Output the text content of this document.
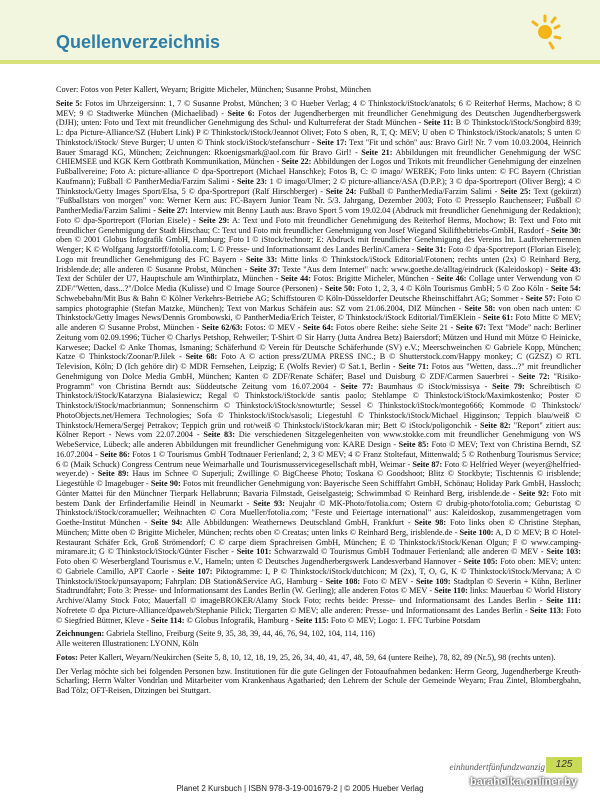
Quellenverzeichnis

Cover: Fotos von Peter Kallert, Weyarn; Brigitte Micheler, München; Susanne Probst, München

Seite 5: Fotos im Uhrzeigersinn: 1, 7 © Susanne Probst, München; 3 © Hueber Verlag; 4 © Thinkstock/iStock/anatols; 6 © Reiterhof Herms, Machow; 8 © MEV; 9 © Stadtwerke München (Michaelibad) - Seite 6: Fotos der Jugendherbergen mit freundlicher Genehmigung des Deutschen Jugendherbergswerk (DJH); unten: Foto und Text mit freundlicher Genehmigung des Schul- und Kulturreferat der Stadt München - Seite 11: B © Thinkstock/iStock/Songbird 839; L: dpa Picture-Alliance/SZ (Hubert Link) P © Thinkstock/iStock/Jeannot Olivet; Foto S oben, R, T, Q: MEV; U oben © Thinkstock/iStock/anatols; S unten © Thinkstock/iStock/ Steve Burger; U unten © Think stock/iStock/stefanschurr - Seite 17: Text "Fit und schön" aus: Bravo Girl! Nr. 7 vom 10.03.2004, Heinrich Bauer Smaragd KG, München; Zeichnungen: Rkoenigsmark@aol.com für Bravo Girl! - Seite 21: Abbildungen mit freundlicher Genehmigung der WSC CHIEMSEE und KGK Kern Gottbrath Kommunikation, München - Seite 22: Abbildungen der Logos und Trikots mit freundlicher Genehmigung der einzelnen Fußballvereine; Foto A: picture-alliance © dpa-Sportreport (Michael Hanschke); Fotos B, C: © imago/ WEREK; Foto links unten: © FC Bayern (Christian Kaufmann); Fußball © PantherMedia/Farzim Salimi - Seite 23: 1 © imago/Ulmer; 2 © picture-alliance/ASA (D.P.P.); 3 © dpa-Sportreport (Oliver Berg); 4 © Thinkstock/Getty Images Sport/Elsa, 5 © dpa-Sportreport (Ralf Hirschberger) - Seite 24: Fußball © PantherMedia/Farzim Salimi - Seite 25: Text (gekürzt) "Fußballstars von morgen" von: Werner Kern aus: FC-Bayern Junior Team Nr. 5/3. Jahrgang, Dezember 2003; Foto © Presseplo Rauchenseer; Fußball © PantherMedia/Farzim Salimi - Seite 27: Interview mit Benny Lauth aus: Bravo Sport 5 vom 19.02.04 (Abdruck mit freundlicher Genehmigung der Redaktion); Foto © dpa-Sportreport (Florian Eisele) - Seite 29: A: Text und Foto mit freundlicher Genehmigung des Reiterhof Herms, Mochow; B: Text und Foto mit freundlicher Genehmigung der Stadt Hirschau; C: Text und Foto mit freundlicher Genehmigung von Josef Wiegand Skilifthebtriebs-GmbH, Rasdorf - Seite 30: oben © 2001 Globus Infografik GmbH, Hamburg; Foto I © iStock/technotr; E: Abdruck mit freundlicher Genehmigung des Vereins Int. Lauftveherrnennen Wenger; K © Wolfgang Jargstorff/fotolia.com; L © Presse- und Informationsamt des Landes Berlin/Camera - Seite 31: Foto © dpa-Sportreport (Florian Eisele); Logo mit freundlicher Genehmigung des FC Bayern - Seite 33: Mitte links © Thinkstock/iStock Editorial/Fotonen; rechts unten (2x) © Reinhard Berg, Irisblende.de; alle anderen © Susanne Probst, München - Seite 37: Texte "Aus dem Internet" nach: www.goethe.de/alltag/eindruck (Kaleidoskop) - Seite 43: Text der Schüler der U7, Hauptschule am Winthirplatz, München - Seite 44: Fotos: Brigitte Micheler, München - Seite 46: Collage unter Verwendung von © ZDF/"Wetten, dass...?"/Dolce Media (Kulisse) und © Image Source (Personen) - Seite 50: Foto 1, 2, 3, 4 © Köln Tourismus GmbH; 5 © Zoo Köln - Seite 54: Schwebebahn/Mit Bus & Bahn © Kölner Verkehrs-Betriebe AG; Schiffstouren © Köln-Düsseldorfer Deutsche Rheinschiffahrt AG; Sommer - Seite 57: Foto © sampics photographie (Stefan Matzke, München); Text von Markus Schäfein aus: SZ vom 21.06.2004, DIZ München - Seite 58: von oben nach unten: © Thinkstock/Getty Images News/Dennis Grombowski, © PantherMedia/Erich Teister, © Thinkstock/iStock Editorial/TimEKlein - Seite 61: Foto Mitte © MEV; alle anderen © Susanne Probst, München - Seite 62/63: Fotos: © MEV - Seite 64: Fotos obere Reihe: siehe Seite 21 - Seite 67: Text "Mode" nach: Berliner Zeitung vom 02.09.1996; Tücher © Charlys Petshop, Rehweiler; T-Shirt © Sir Harry (Jutta Andrea Betz) Baiersdorf; Mützen und Hund mit Mütze © Heinicke, Karwesee; Dackel © Anke Thomas, Ismaning; Schäferhund © Verein für Deutsche Schäferhunde (SV) e.V.; Meerschweinchen © Gabriele Kopp, München; Katze © Thinkstock/Zoonar/P.Jilek - Seite 68: Foto A © action press/ZUMA PRESS INC.; B © Shutterstock.com/Happy monkey; C (GZSZ) © RTL Television, Köln; D (Ich gehöre dir) © MDR Fernsehen, Leipzig; E (Wolfs Revier) © Sat.1, Berlin - Seite 71: Fotos aus "Wetten, dass...?" mit freundlicher Genehmigung von Dolce Media GmbH, München; Kanten © ZDF/Renate Schäfer; Basel und Duisburg © ZDF/Carmen Sauerbrei - Seite 72: "Risiko-Programm" von Christina Berndt aus: Süddeutsche Zeitung vom 16.07.2004 - Seite 77: Baumhaus © iStock/missisya - Seite 79: Schreibtisch © Thinkstock/iStock/Katarzyna Bialasiewicz; Regal © Thinkstock/iStock/de santis paolo; Stehlampe © Thinkstock/iStock/Maximkostenko; Poster © Thinkstock/iStock/macbrianmun; Sonnenschirm © Thinkstock/iStock/snowturtle; Sessel © Thinkstock/iStock/montego666; Kommode © Thinkstock/ PhotoObjects.net/Hemera Technologies; Sofa © Thinkstock/iStock/sasoli; Liegestuhl © Thinkstock/iStock/Michael Higginson; Teppich blau/weiß © Thinkstock/Hemera/Sergej Petrakov; Teppich grün und rot/weiß © Thinkstock/iStock/karan mir; Bett © iStock/poligonchik - Seite 82: "Report" zitiert aus: Kölner Report - News vom 22.07.2004 - Seite 83: Die verschiedenen Sitzgelegenheiten von www.stokke.com mit freundlicher Genehmigung von WS WebeService, Lübeck; alle anderen Abbildungen mit freundlicher Genehmigung von: KARE Design - Seite 85: Foto © MEV; Text von Christina Berndt, SZ 16.07.2004 - Seite 86: Fotos 1 © Tourismus GmbH Todtnauer Ferienland; 2, 3 © MEV; 4 © Franz Stoltefaut, Mittenwald; 5 © Rothenburg Tourismus Service; 6 © (Maik Schuck) Congress Centrum neue Weimarhalle und Tourismusservicegesellschaft mbH, Weimar - Seite 87: Foto © Helfried Weyer (weyer@helfried-weyer.de) - Seite 89: Haus im Schnee © Superjuli; Zwillinge © BigCheese Photo; Toskana © Goodshoot; Blitz © Stockbyte; Tischtennis © irisblende; Liegestühle © Imagebuger - Seite 90: Fotos mit freundlicher Genehmigung von: Bayerische Seen Schifffahrt GmbH, Schönau; Holiday Park GmbH, Hassloch; Günter Mattei für den Münchner Tierpark Hellabrunn; Bavaria Filmstadt, Geiselgasteig; Schwimmbad © Reinhard Berg, irisblende.de - Seite 92: Foto mit bestem Dank der Erfinderfamilie Heindl in Neumarkt - Seite 93: Neujahr © MK-Photo/fotolia.com; Ostern © drubig-photo/fotolia.com; Geburtstag © Thinkstock/iStock/coramueller; Weihnachten © Cora Mueller/fotolia.com; "Feste und Feiertage international" aus: Kaleidoskop, zusammengetragen vom Goethe-Institut München - Seite 94: Alle Abbildungen: Weathernews Deutschland GmbH, Frankfurt - Seite 98: Foto links oben © Christine Stephan, München; Mitte oben © Brigitte Micheler, München; rechts oben © Creatas; unten links © Reinhard Berg, irisblende.de - Seite 100: A, D © MEV; B © Hotel-Restaurant Schäfer Eck, Groß Strömendorf; C © carpe diem Sprachreisen GmbH, München; E © Thinkstock/iStock/Kenan Olgun; F © www.camping-miramare.it; G © Thinkstock/iStock/Günter Fischer - Seite 101: Schwarzwald © Tourismus GmbH Todtnauer Ferienland; alle anderen © MEV - Seite 103: Foto oben © Weserbergland Tourismus e.V., Hameln; unten © Deutsches Jugendherbergswerk Landesverband Hannover - Seite 105: Foto oben: MEV; unten: © Gabriele Camillo, APT Caorle - Seite 107: Piktogramme: I, P © Thinkstock/iStock/dutchicon; M (2x), T, O, G, K © Thinkstock/iStock/Mervana; A © Thinkstock/iStock/punsayaporn; Fahrplan: DB Station&Service AG, Hamburg - Seite 108: Foto © MEV - Seite 109: Stadtplan © Severin + Kühn, Berliner Stadtrundfahrt; Foto 3: Presse- und Informationsamt des Landes Berlin (W. Gerling); alle anderen Fotos © MEV - Seite 110: links: Mauerbau © World History Archive/Alamy Stock Foto; Mauerfall © imageBROKER/Alamy Stock Foto; rechts beide: Presse- und Informationsamt des Landes Berlin - Seite 111: Nofretete © dpa Picture-Alliance/dpaweb/Stephanie Pilick; Tiergarten © MEV; alle anderen: Presse- und Informationsamt des Landes Berlin - Seite 113: Foto © Siegfried Büttner, Kleve - Seite 114: © Globus Infografik, Hamburg - Seite 115: Foto © MEV; Logo: 1. FFC Turbine Potsdam

Zeichnungen: Gabriela Stellino, Freiburg (Seite 9, 35, 38, 39, 44, 46, 76, 94, 102, 104, 114, 116)
Alle weiteren Illustrationen: LYONN, Köln

Fotos: Peter Kallert, Weyarn/Neukirchen (Seite 5, 8, 10, 12, 18, 19, 25, 26, 34, 40, 41, 47, 48, 59, 64 (untere Reihe), 78, 82, 89 (Nr.5), 98 (rechts unten).

Der Verlag möchte sich bei folgenden Personen bzw. Institutionen für die gute Gelingen der Fotoaufnahmen bedanken: Herrn Georg, Jugendherberge Kreuth-Scharling; Herrn Walter Vondrlan und Mitarbeiter vom Krankenhaus Agatharied; den Lehrern der Schule der Gemeinde Weyarn; Frau Zintel, Blombergbahn, Bad Tölz; OFT-Reisen, Ditzingen bei Stuttgart.

einhundertfünfundzwanzig	125
Planet 2 Kursbuch | ISBN 978-3-19-001679-2 | © 2005 Hueber Verlag
baraholka.onliner.by
